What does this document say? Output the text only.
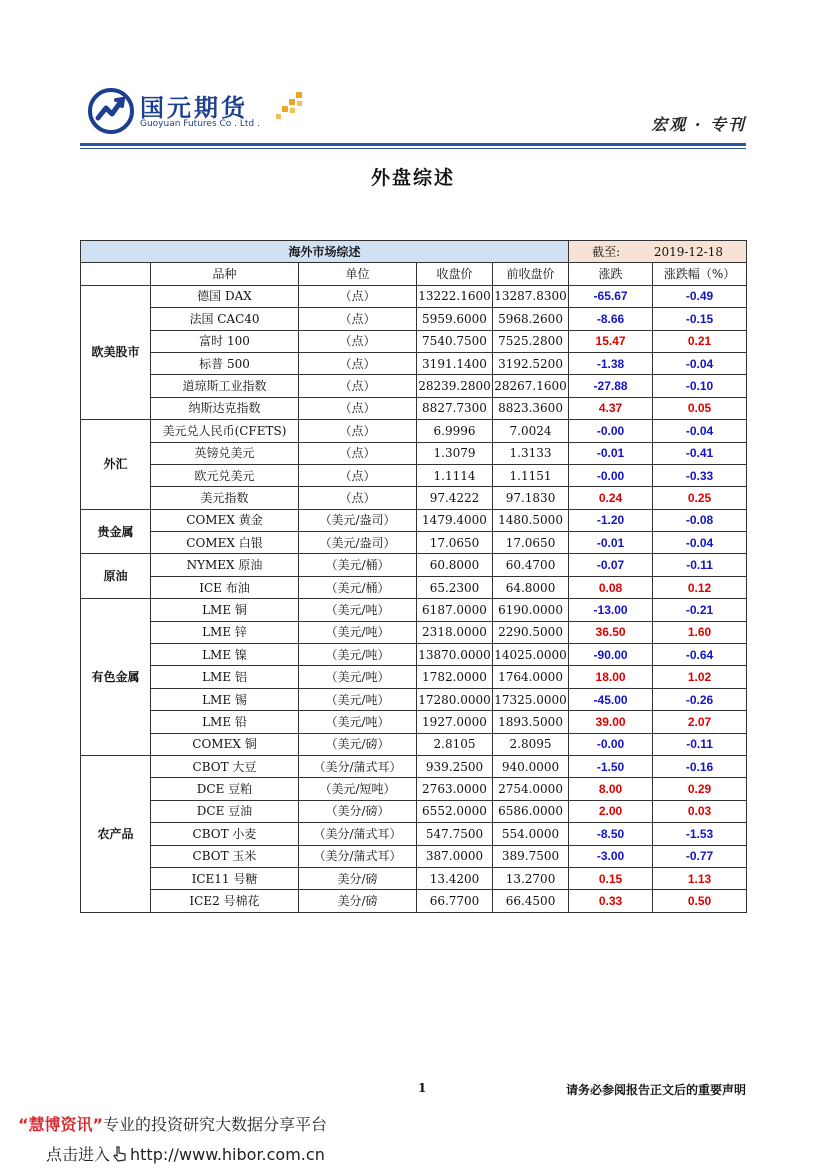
国元期货
Guoyuan Futures Co . Ltd .	宏观 · 专刊
外盘综述
海外市场综述					截至: 2019-12-18	
	品种	单位	收盘价	前收盘价	涨跌	涨跌幅（%）
欧美股市	德国 DAX	（点）	13222.1600	13287.8300	-65.67	-0.49
	法国 CAC40	（点）	5959.6000	5968.2600	-8.66	-0.15
	富时 100	（点）	7540.7500	7525.2800	15.47	0.21
	标普 500	（点）	3191.1400	3192.5200	-1.38	-0.04
	道琼斯工业指数	（点）	28239.2800	28267.1600	-27.88	-0.10
	纳斯达克指数	（点）	8827.7300	8823.3600	4.37	0.05
外汇	美元兑人民币(CFETS)	（点）	6.9996	7.0024	-0.00	-0.04
	英镑兑美元	（点）	1.3079	1.3133	-0.01	-0.41
	欧元兑美元	（点）	1.1114	1.1151	-0.00	-0.33
	美元指数	（点）	97.4222	97.1830	0.24	0.25
贵金属	COMEX 黄金	（美元/盎司）	1479.4000	1480.5000	-1.20	-0.08
	COMEX 白银	（美元/盎司）	17.0650	17.0650	-0.01	-0.04
原油	NYMEX 原油	（美元/桶）	60.8000	60.4700	-0.07	-0.11
	ICE 布油	（美元/桶）	65.2300	64.8000	0.08	0.12
有色金属	LME 铜	（美元/吨）	6187.0000	6190.0000	-13.00	-0.21
	LME 锌	（美元/吨）	2318.0000	2290.5000	36.50	1.60
	LME 镍	（美元/吨）	13870.0000	14025.0000	-90.00	-0.64
	LME 铝	（美元/吨）	1782.0000	1764.0000	18.00	1.02
	LME 锡	（美元/吨）	17280.0000	17325.0000	-45.00	-0.26
	LME 铅	（美元/吨）	1927.0000	1893.5000	39.00	2.07
	COMEX 铜	（美元/磅）	2.8105	2.8095	-0.00	-0.11
农产品	CBOT 大豆	（美分/蒲式耳）	939.2500	940.0000	-1.50	-0.16
	DCE 豆粕	（美元/短吨）	2763.0000	2754.0000	8.00	0.29
	DCE 豆油	（美分/磅）	6552.0000	6586.0000	2.00	0.03
	CBOT 小麦	（美分/蒲式耳）	547.7500	554.0000	-8.50	-1.53
	CBOT 玉米	（美分/蒲式耳）	387.0000	389.7500	-3.00	-0.77
	ICE11 号糖	美分/磅	13.4200	13.2700	0.15	1.13
	ICE2 号棉花	美分/磅	66.7700	66.4500	0.33	0.50
1	请务必参阅报告正文后的重要声明
“慧博资讯”专业的投资研究大数据分享平台
点击进入 http://www.hibor.com.cn
